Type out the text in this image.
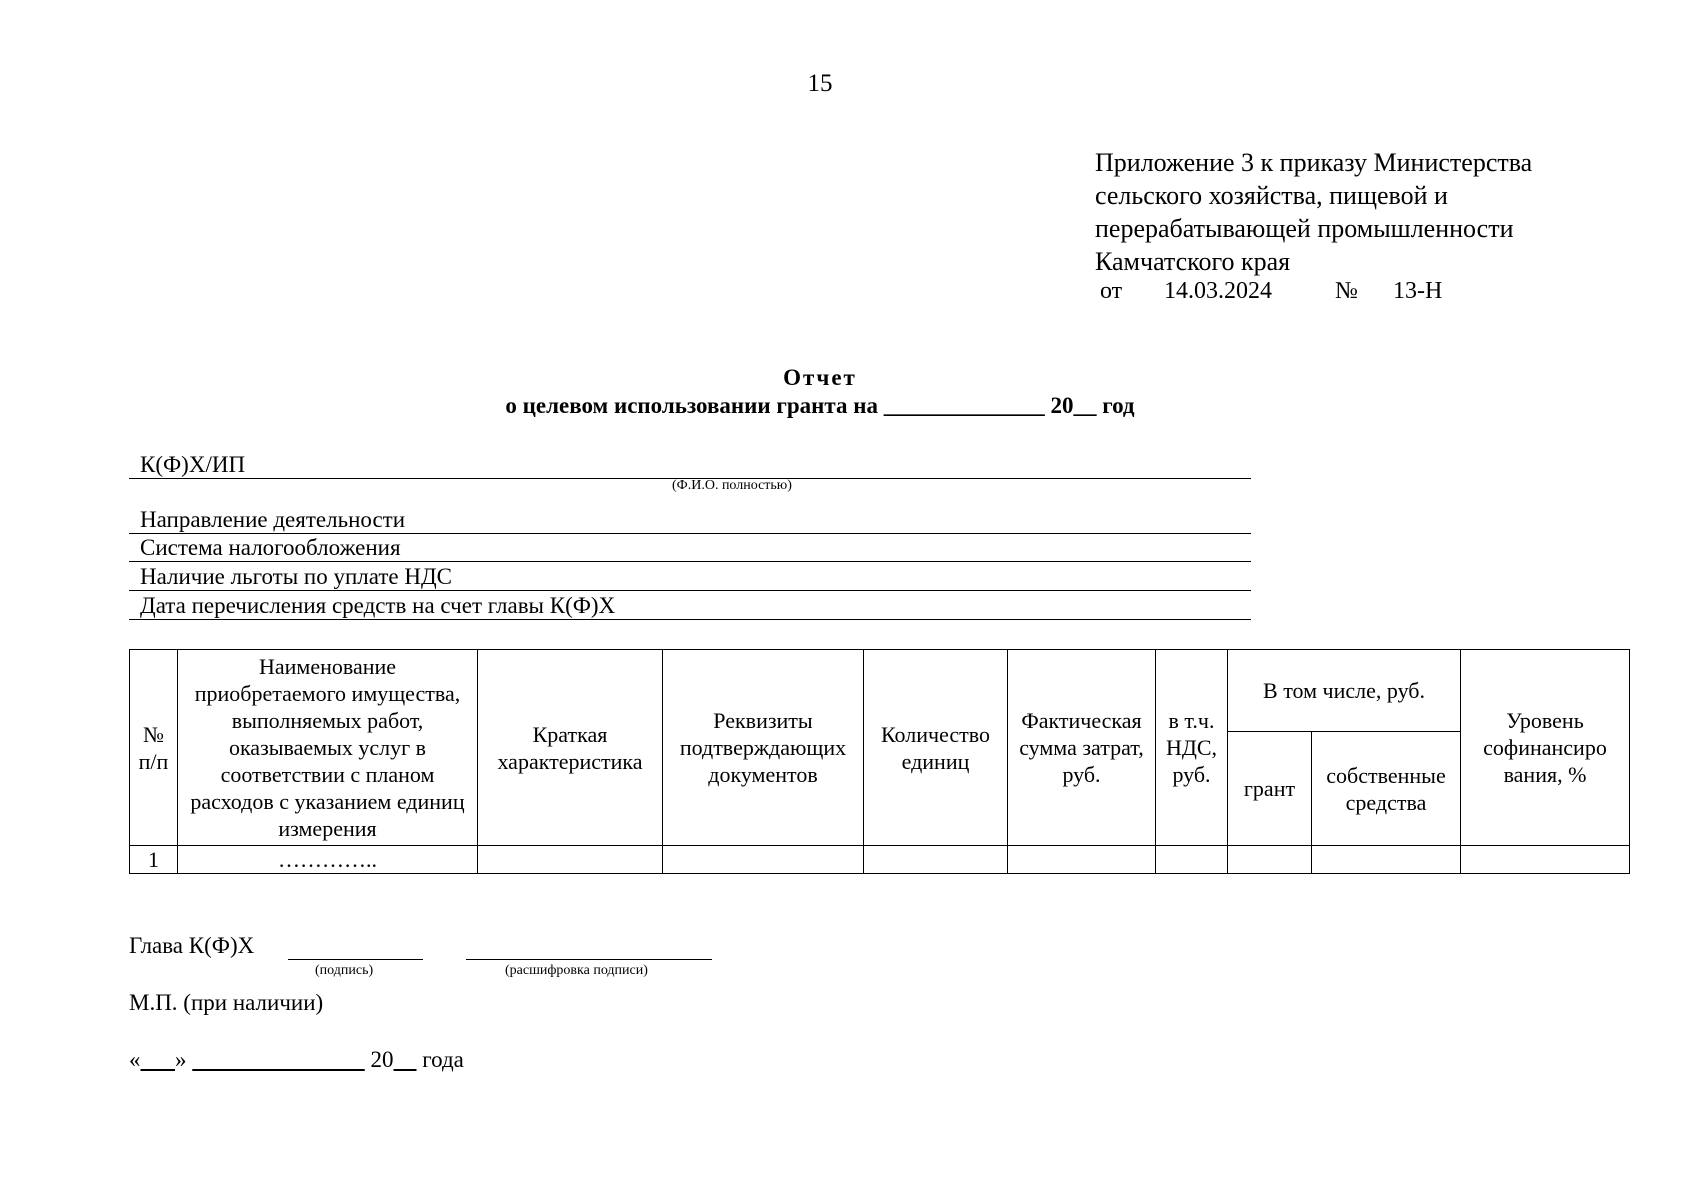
15
Приложение 3 к приказу Министерства
сельского хозяйства, пищевой и
перерабатывающей промышленности
Камчатского края
от 14.03.2024	№ 13-Н
Отчет
о целевом использовании гранта на ______________ 20__ год
К(Ф)Х/ИП
(Ф.И.О. полностью)
Направление деятельности
Система налогообложения
Наличие льготы по уплате НДС
Дата перечисления средств на счет главы К(Ф)Х
№ п/п	Наименование приобретаемого имущества, выполняемых работ, оказываемых услуг в соответствии с планом расходов с указанием единиц измерения	Краткая характеристика	Реквизиты подтверждающих документов	Количество единиц	Фактическая сумма затрат, руб.	в т.ч. НДС, руб.	В том числе, руб.		Уровень софинансиро вания, %
							грант	собственные средства	
1	…………..								
Глава К(Ф)Х
(подпись)	(расшифровка подписи)
М.П. (при наличии)
« »	20 года
